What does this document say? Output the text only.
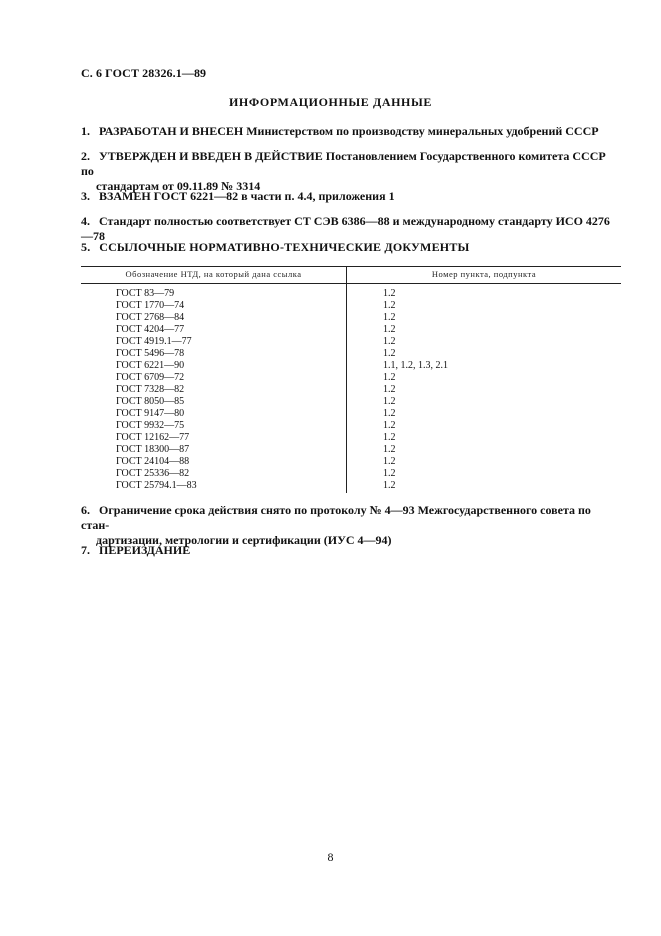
С. 6 ГОСТ 28326.1—89
ИНФОРМАЦИОННЫЕ ДАННЫЕ
1. РАЗРАБОТАН И ВНЕСЕН Министерством по производству минеральных удобрений СССР
2. УТВЕРЖДЕН И ВВЕДЕН В ДЕЙСТВИЕ Постановлением Государственного комитета СССР по
стандартам от 09.11.89 № 3314
3. ВЗАМЕН ГОСТ 6221—82 в части п. 4.4, приложения 1
4. Стандарт полностью соответствует СТ СЭВ 6386—88 и международному стандарту ИСО 4276—78
5. ССЫЛОЧНЫЕ НОРМАТИВНО-ТЕХНИЧЕСКИЕ ДОКУМЕНТЫ
Обозначение НТД, на который дана ссылка	Номер пункта, подпункта
ГОСТ 83—79	1.2
ГОСТ 1770—74	1.2
ГОСТ 2768—84	1.2
ГОСТ 4204—77	1.2
ГОСТ 4919.1—77	1.2
ГОСТ 5496—78	1.2
ГОСТ 6221—90	1.1, 1.2, 1.3, 2.1
ГОСТ 6709—72	1.2
ГОСТ 7328—82	1.2
ГОСТ 8050—85	1.2
ГОСТ 9147—80	1.2
ГОСТ 9932—75	1.2
ГОСТ 12162—77	1.2
ГОСТ 18300—87	1.2
ГОСТ 24104—88	1.2
ГОСТ 25336—82	1.2
ГОСТ 25794.1—83	1.2
6. Ограничение срока действия снято по протоколу № 4—93 Межгосударственного совета по стан-
дартизации, метрологии и сертификации (ИУС 4—94)
7. ПЕРЕИЗДАНИЕ
8
